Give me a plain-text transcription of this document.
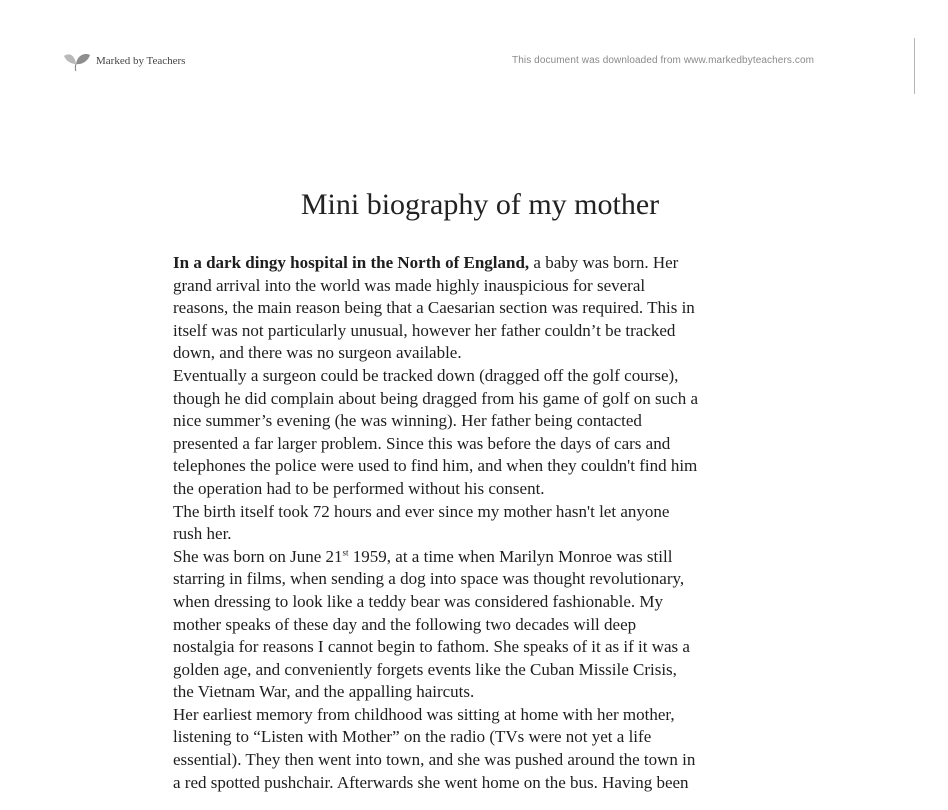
Marked by Teachers	This document was downloaded from www.markedbyteachers.com
Mini biography of my mother
In a dark dingy hospital in the North of England, a baby was born. Her
grand arrival into the world was made highly inauspicious for several
reasons, the main reason being that a Caesarian section was required. This in
itself was not particularly unusual, however her father couldn’t be tracked
down, and there was no surgeon available.
Eventually a surgeon could be tracked down (dragged off the golf course),
though he did complain about being dragged from his game of golf on such a
nice summer’s evening (he was winning). Her father being contacted
presented a far larger problem. Since this was before the days of cars and
telephones the police were used to find him, and when they couldn't find him
the operation had to be performed without his consent.
The birth itself took 72 hours and ever since my mother hasn't let anyone
rush her.
She was born on June 21st 1959, at a time when Marilyn Monroe was still
starring in films, when sending a dog into space was thought revolutionary,
when dressing to look like a teddy bear was considered fashionable. My
mother speaks of these day and the following two decades will deep
nostalgia for reasons I cannot begin to fathom. She speaks of it as if it was a
golden age, and conveniently forgets events like the Cuban Missile Crisis,
the Vietnam War, and the appalling haircuts.
Her earliest memory from childhood was sitting at home with her mother,
listening to “Listen with Mother” on the radio (TVs were not yet a life
essential). They then went into town, and she was pushed around the town in
a red spotted pushchair. Afterwards she went home on the bus. Having been
